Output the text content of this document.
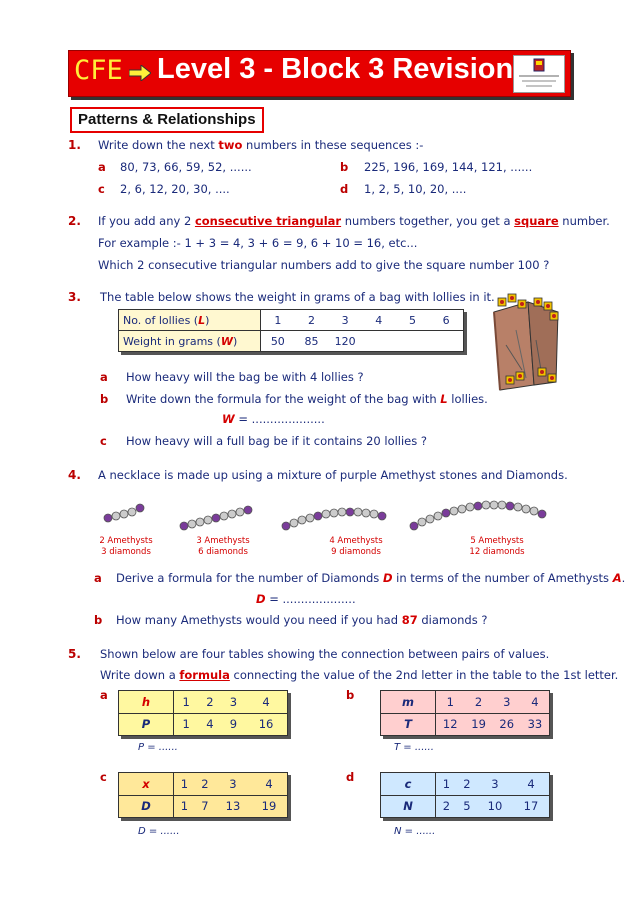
CFE Level 3 - Block 3 Revision
Patterns & Relationships
1. Write down the next two numbers in these sequences :-
a 80, 73, 66, 59, 52, ......	b 225, 196, 169, 144, 121, ......
c 2, 6, 12, 20, 30, ....	d 1, 2, 5, 10, 20, ....
2. If you add any 2 consecutive triangular numbers together, you get a square number.
For example :- 1 + 3 = 4, 3 + 6 = 9, 6 + 10 = 16, etc...
Which 2 consecutive triangular numbers add to give the square number 100 ?
3. The table below shows the weight in grams of a bag with lollies in it.
No. of lollies (L)	1	2	3	4	5	6
Weight in grams (W)	50	85	120			
a How heavy will the bag be with 4 lollies ?
b Write down the formula for the weight of the bag with L lollies.
W = ....................
c How heavy will a full bag be if it contains 20 lollies ?
4. A necklace is made up using a mixture of purple Amethyst stones and Diamonds.
2 Amethysts
3 diamonds
3 Amethysts
6 diamonds
4 Amethysts
9 diamonds
5 Amethysts
12 diamonds
a Derive a formula for the number of Diamonds D in terms of the number of Amethysts A.
D = ....................
b How many Amethysts would you need if you had 87 diamonds ?
5. Shown below are four tables showing the connection between pairs of values.
Write down a formula connecting the value of the 2nd letter in the table to the 1st letter.
a	h	1	2	3	4
P	1	4	9	16
P = ......
b	m	1	2	3	4
T	12	19	26	33
T = ......
c	x	1	2	3	4
D	1	7	13	19
D = ......
d	c	1	2	3	4
N	2	5	10	17
N = ......
